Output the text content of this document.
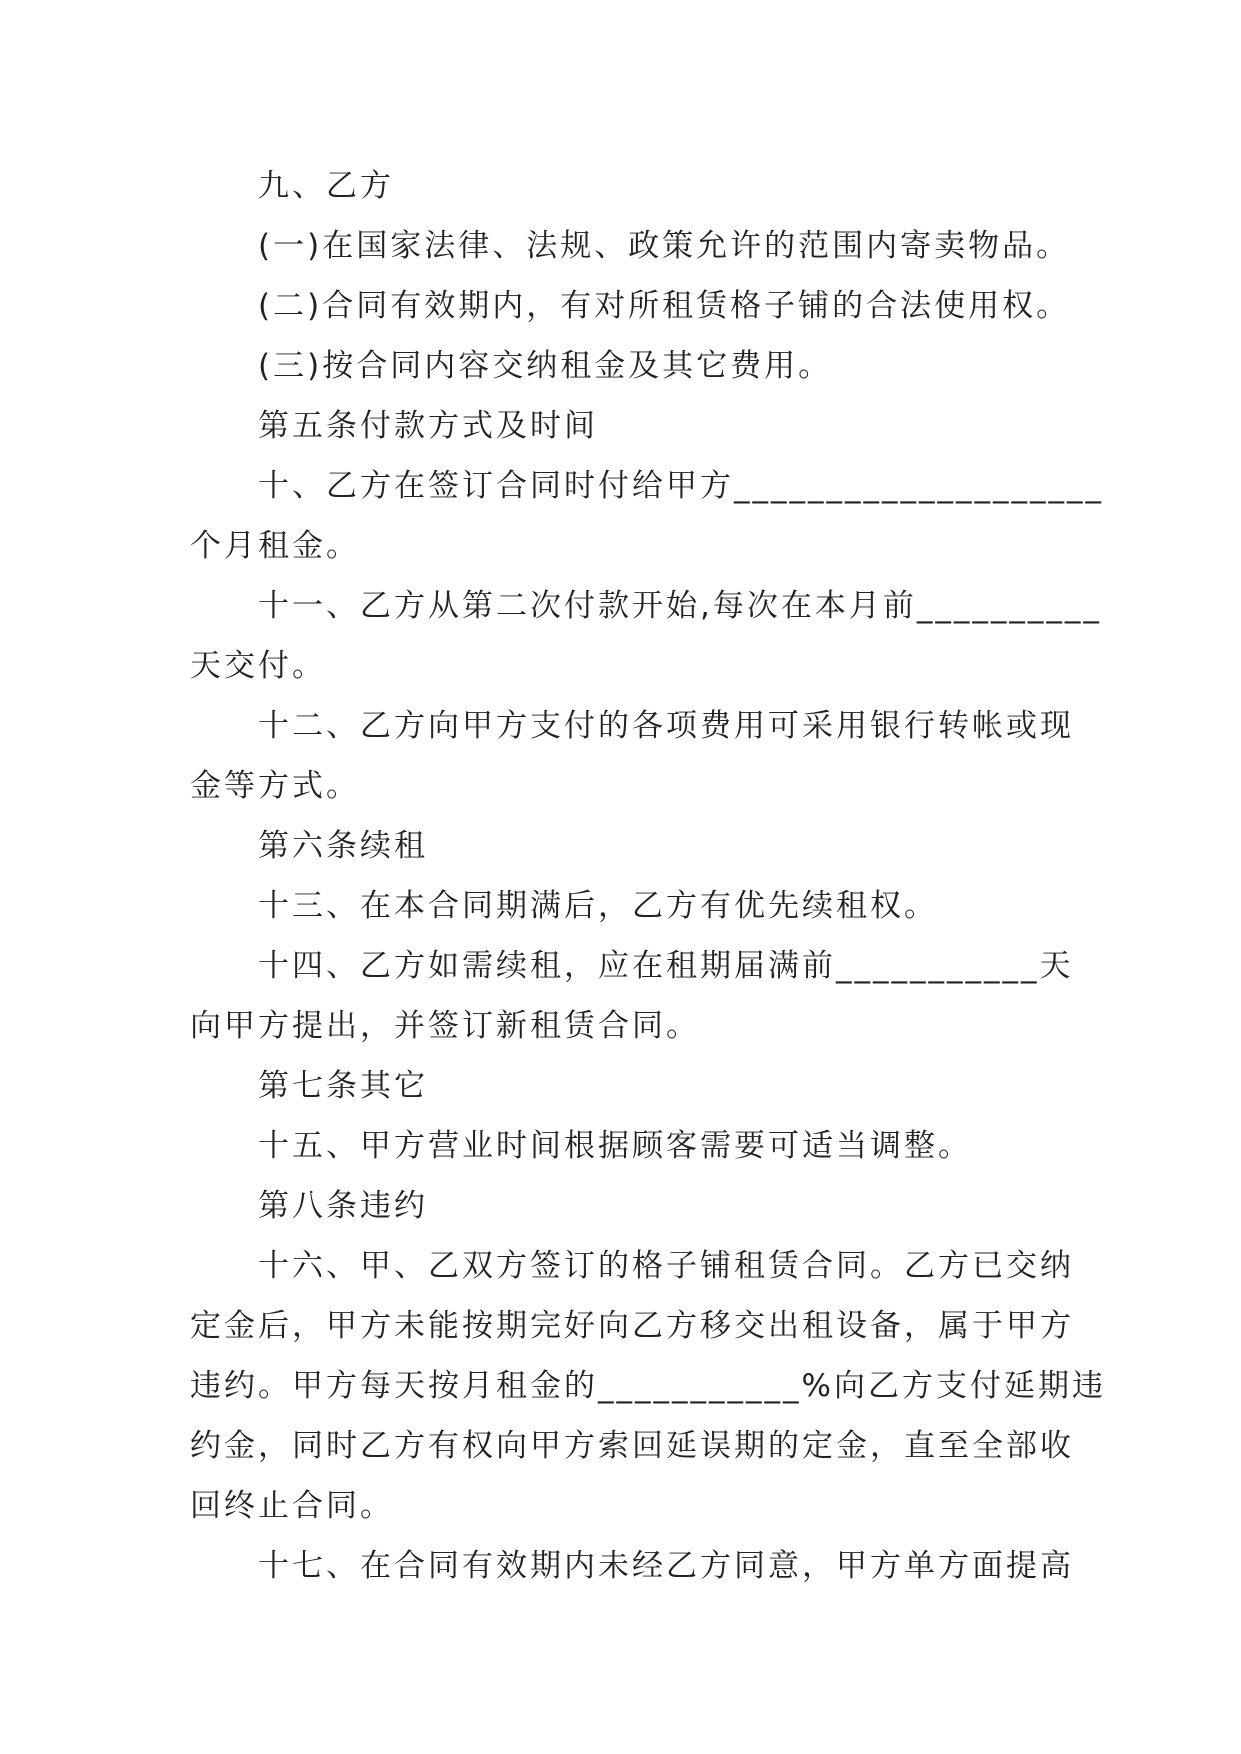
九、乙方
(一)在国家法律、法规、政策允许的范围内寄卖物品。
(二)合同有效期内，有对所租赁格子铺的合法使用权。
(三)按合同内容交纳租金及其它费用。
第五条付款方式及时间
十、乙方在签订合同时付给甲方____________________
个月租金。
十一、乙方从第二次付款开始,每次在本月前__________
天交付。
十二、乙方向甲方支付的各项费用可采用银行转帐或现
金等方式。
第六条续租
十三、在本合同期满后，乙方有优先续租权。
十四、乙方如需续租，应在租期届满前___________天
向甲方提出，并签订新租赁合同。
第七条其它
十五、甲方营业时间根据顾客需要可适当调整。
第八条违约
十六、甲、乙双方签订的格子铺租赁合同。乙方已交纳
定金后，甲方未能按期完好向乙方移交出租设备，属于甲方
违约。甲方每天按月租金的___________%向乙方支付延期违
约金，同时乙方有权向甲方索回延误期的定金，直至全部收
回终止合同。
十七、在合同有效期内未经乙方同意，甲方单方面提高
